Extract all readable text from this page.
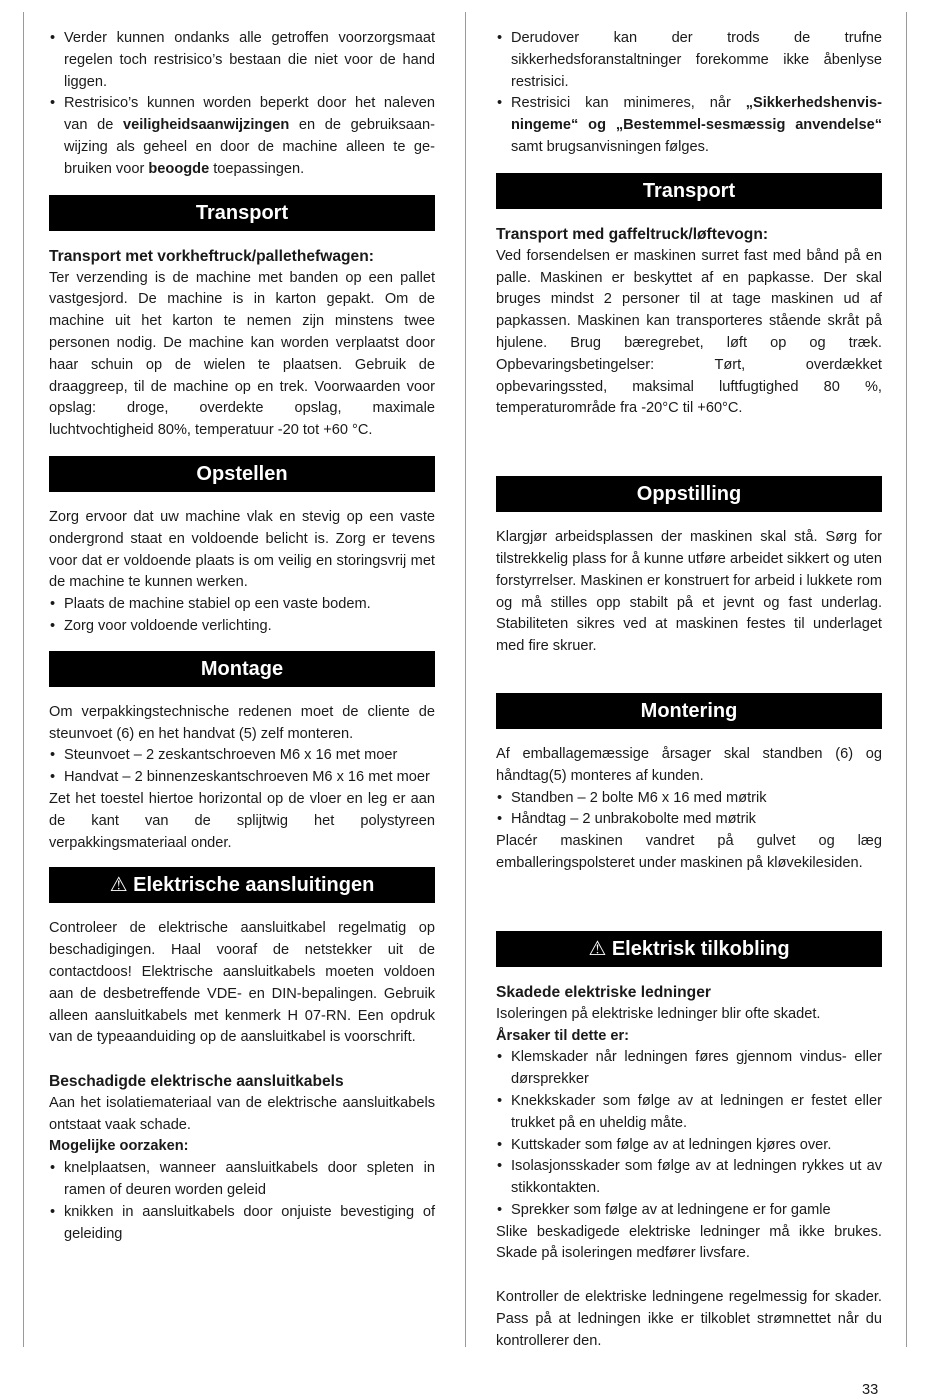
• Verder kunnen ondanks alle getroffen voorzorgsmaat regelen toch restrisico’s bestaan die niet voor de hand liggen.
• Restrisico’s kunnen worden beperkt door het naleven van de veiligheidsaanwijzingen en de gebruiksaanwijzing als geheel en door de machine alleen te gebruiken voor beoogde toepassingen.
Transport
Transport met vorkheftruck/pallethefwagen:

Ter verzending is de machine met banden op een pallet vastgesjord. De machine is in karton gepakt. Om de machine uit het karton te nemen zijn minstens twee personen nodig. De machine kan worden verplaatst door haar schuin op de wielen te plaatsen. Gebruik de draaggreep, til de machine op en trek. Voorwaarden voor opslag: droge, overdekte opslag, maximale luchtvochtigheid 80%, temperatuur -20 tot +60 °C.

Opstellen

Zorg ervoor dat uw machine vlak en stevig op een vaste ondergrond staat en voldoende belicht is. Zorg er tevens voor dat er voldoende plaats is om veilig en storingsvrij met de machine te kunnen werken.

• Plaats de machine stabiel op een vaste bodem.
• Zorg voor voldoende verlichting.
Montage

Om verpakkingstechnische redenen moet de cliente de steunvoet (6) en het handvat (5) zelf monteren.

• Steunvoet – 2 zeskantschroeven M6 x 16 met moer
• Handvat – 2 binnenzeskantschroeven M6 x 16 met moer

Zet het toestel hiertoe horizontal op de vloer en leg er aan de kant van de splijtwig het polystyreen verpakkingsmateriaal onder.

⚠ Elektrische aansluitingen

Controleer de elektrische aansluitkabel regelmatig op beschadigingen. Haal vooraf de netstekker uit de contactdoos! Elektrische aansluitkabels moeten voldoen aan de desbetreffende VDE- en DIN-bepalingen. Gebruik alleen aansluitkabels met kenmerk H 07-RN. Een opdruk van de typeaanduiding op de aansluitkabel is voorschrift.

Beschadigde elektrische aansluitkabels

Aan het isolatiemateriaal van de elektrische aansluitkabels ontstaat vaak schade.

Mogelijke oorzaken:

• knelplaatsen, wanneer aansluitkabels door spleten in ramen of deuren worden geleid
• knikken in aansluitkabels door onjuiste bevestiging of geleiding
• Derudover kan der trods de trufne sikkerhedsforanstaltninger forekomme ikke åbenlyse restrisici.
• Restrisici kan minimeres, når „Sikkerhedshenvisningeme“ og „Bestemmel-sesmæssig anvendelse“ samt brugsanvisningen følges.
Transport
Transport med gaffeltruck/løftevogn:

Ved forsendelsen er maskinen surret fast med bånd på en palle. Maskinen er beskyttet af en papkasse. Der skal bruges mindst 2 personer til at tage maskinen ud af papkassen. Maskinen kan transporteres stående skråt på hjulene. Brug bæregrebet, løft op og træk. Opbevaringsbetingelser: Tørt, overdækket opbevaringssted, maksimal luftfugtighed 80 %, temperaturområde fra -20°C til +60°C.

Oppstilling

Klargjør arbeidsplassen der maskinen skal stå. Sørg for tilstrekkelig plass for å kunne utføre arbeidet sikkert og uten forstyrrelser. Maskinen er konstruert for arbeid i lukkete rom og må stilles opp stabilt på et jevnt og fast underlag. Stabiliteten sikres ved at maskinen festes til underlaget med fire skruer.

Montering

Af emballagemæssige årsager skal standben (6) og håndtag(5) monteres af kunden.

• Standben – 2 bolte M6 x 16 med møtrik
• Håndtag – 2 unbrakobolte med møtrik

Placér maskinen vandret på gulvet og læg emballeringspolsteret under maskinen på kløvekilesiden.

⚠ Elektrisk tilkobling
Skadede elektriske ledninger

Isoleringen på elektriske ledninger blir ofte skadet.

Årsaker til dette er:

• Klemskader når ledningen føres gjennom vindus- eller dørsprekker
• Knekkskader som følge av at ledningen er festet eller trukket på en uheldig måte.
• Kuttskader som følge av at ledningen kjøres over.
• Isolasjonsskader som følge av at ledningen rykkes ut av stikkontakten.
• Sprekker som følge av at ledningene er for gamle

Slike beskadigede elektriske ledninger må ikke brukes. Skade på isoleringen medfører livsfare.

Kontroller de elektriske ledningene regelmessig for skader. Pass på at ledningen ikke er tilkoblet strømnettet når du kontrollerer den.

33
